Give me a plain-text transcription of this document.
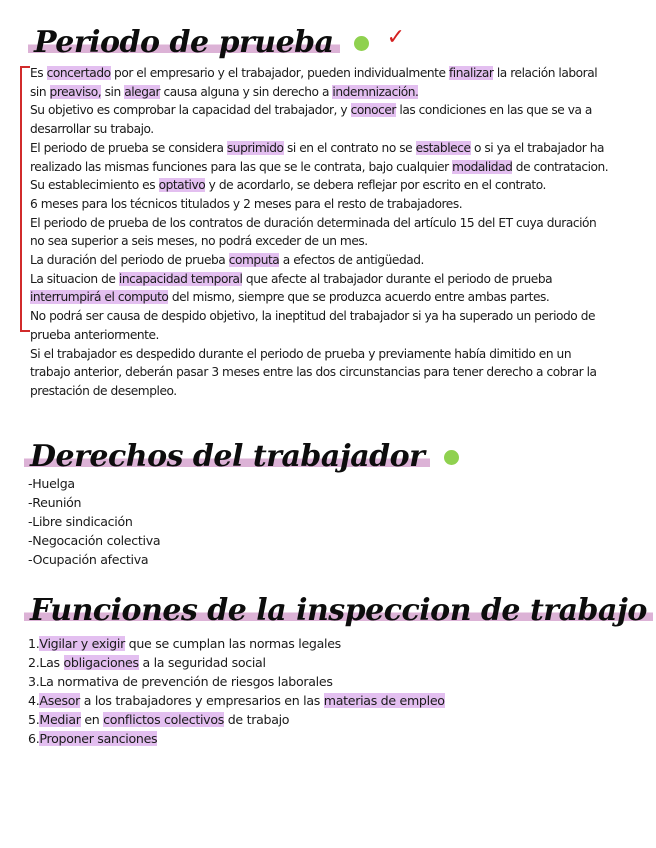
Periodo de prueba ✓

Es concertado por el empresario y el trabajador, pueden individualmente finalizar la relación laboral sin preaviso, sin alegar causa alguna y sin derecho a indemnización.

Su objetivo es comprobar la capacidad del trabajador, y conocer las condiciones en las que se va a desarrollar su trabajo.

El periodo de prueba se considera suprimido si en el contrato no se establece o si ya el trabajador ha realizado las mismas funciones para las que se le contrata, bajo cualquier modalidad de contratacion.

Su establecimiento es optativo y de acordarlo, se debera reflejar por escrito en el contrato.

6 meses para los técnicos titulados y 2 meses para el resto de trabajadores.

El periodo de prueba de los contratos de duración determinada del artículo 15 del ET cuya duración no sea superior a seis meses, no podrá exceder de un mes.

La duración del periodo de prueba computa a efectos de antigüedad.

La situacion de incapacidad temporal que afecte al trabajador durante el periodo de prueba interrumpirá el computo del mismo, siempre que se produzca acuerdo entre ambas partes.

No podrá ser causa de despido objetivo, la ineptitud del trabajador si ya ha superado un periodo de prueba anteriormente.

Si el trabajador es despedido durante el periodo de prueba y previamente había dimitido en un trabajo anterior, deberán pasar 3 meses entre las dos circunstancias para tener derecho a cobrar la prestación de desempleo.

Derechos del trabajador
-Huelga
-Reunión
-Libre sindicación
-Negocación colectiva
-Ocupación afectiva
Funciones de la inspeccion de trabajo
1.Vigilar y exigir que se cumplan las normas legales
2.Las obligaciones a la seguridad social
3.La normativa de prevención de riesgos laborales
4.Asesor a los trabajadores y empresarios en las materias de empleo
5.Mediar en conflictos colectivos de trabajo
6.Proponer sanciones
